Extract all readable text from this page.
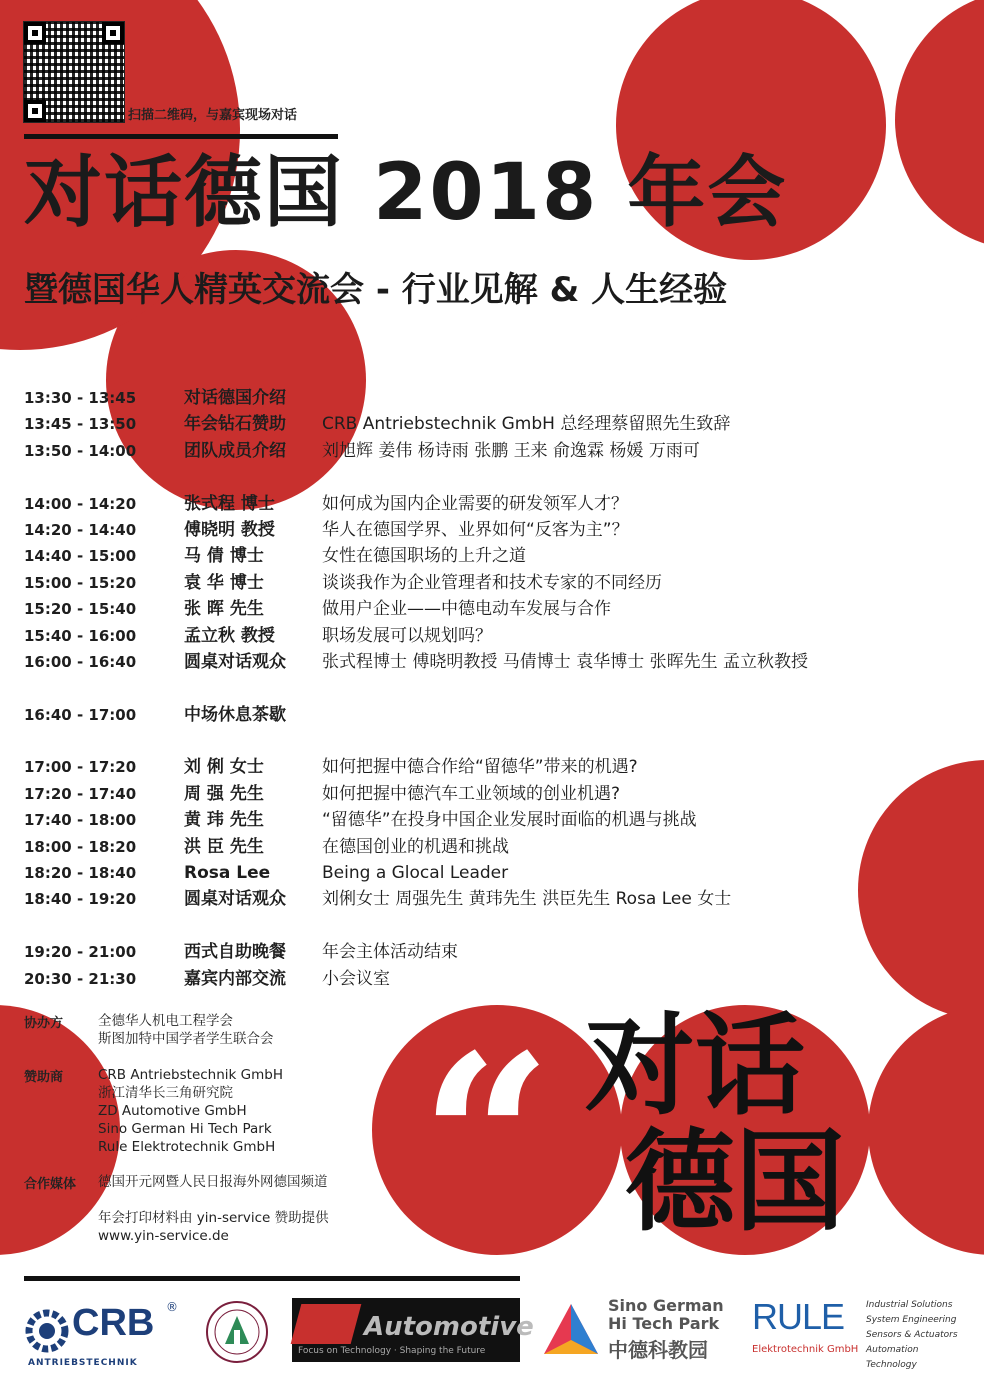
扫描二维码，与嘉宾现场对话
对话德国 2018 年会
暨德国华人精英交流会 - 行业见解 & 人生经验
13:30 - 13:45	对话德国介绍
13:45 - 13:50	年会钻石赞助	CRB Antriebstechnik GmbH 总经理蔡留照先生致辞
13:50 - 14:00	团队成员介绍	刘旭辉 姜伟 杨诗雨 张鹏 王来 俞逸霖 杨媛 万雨可
14:00 - 14:20	张式程 博士	如何成为国内企业需要的研发领军人才？
14:20 - 14:40	傅晓明 教授	华人在德国学界、业界如何“反客为主”？
14:40 - 15:00	马 倩 博士	女性在德国职场的上升之道
15:00 - 15:20	袁 华 博士	谈谈我作为企业管理者和技术专家的不同经历
15:20 - 15:40	张 晖 先生	做用户企业——中德电动车发展与合作
15:40 - 16:00	孟立秋 教授	职场发展可以规划吗？
16:00 - 16:40	圆桌对话观众	张式程博士 傅晓明教授 马倩博士 袁华博士 张晖先生 孟立秋教授
16:40 - 17:00	中场休息茶歇
17:00 - 17:20	刘 俐 女士	如何把握中德合作给“留德华”带来的机遇?
17:20 - 17:40	周 强 先生	如何把握中德汽车工业领域的创业机遇?
17:40 - 18:00	黄 玮 先生	“留德华”在投身中国企业发展时面临的机遇与挑战
18:00 - 18:20	洪 臣 先生	在德国创业的机遇和挑战
18:20 - 18:40	Rosa Lee	Being a Glocal Leader
18:40 - 19:20	圆桌对话观众	刘俐女士 周强先生 黄玮先生 洪臣先生 Rosa Lee 女士
19:20 - 21:00	西式自助晚餐	年会主体活动结束
20:30 - 21:30	嘉宾内部交流	小会议室
协办方	全德华人机电工程学会
斯图加特中国学者学生联合会
赞助商	CRB Antriebstechnik GmbH
浙江清华长三角研究院
ZD Automotive GmbH
Sino German Hi Tech Park
Rule Elektrotechnik GmbH
合作媒体 德国开元网暨人民日报海外网德国频道
年会打印材料由 yin-service 赞助提供
www.yin-service.de “ 对话
德国
CRB ®
ANTRIEBSTECHNIK
Automotive
Focus on Technology · Shaping the Future
Sino German
Hi Tech Park
中德科教园
RULE
Elektrotechnik GmbH
Industrial Solutions
System Engineering
Sensors & Actuators
Automation Technology
